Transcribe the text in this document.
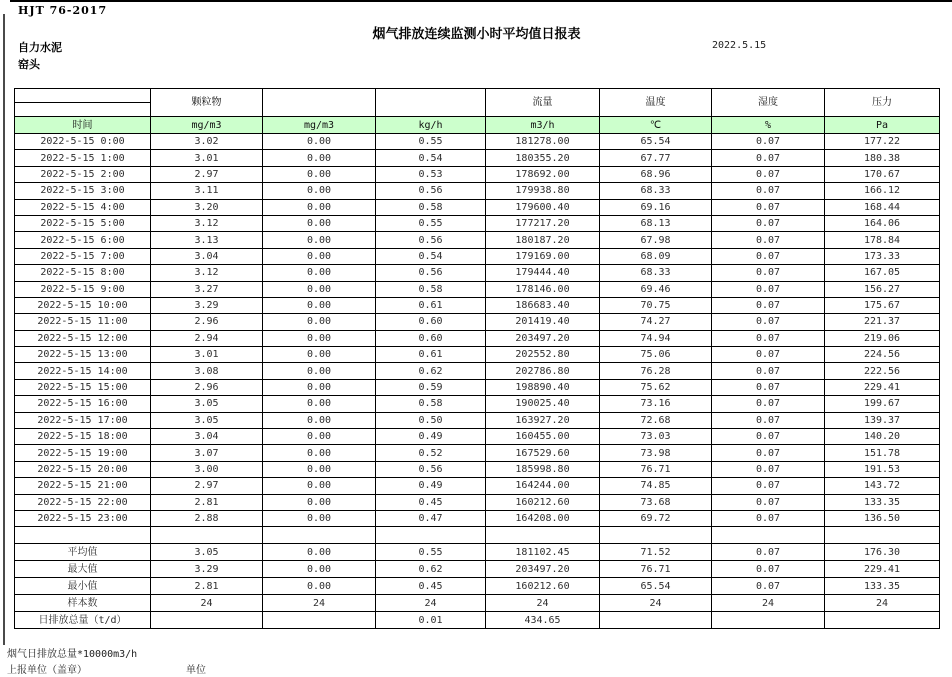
HJT 76-2017
烟气排放连续监测小时平均值日报表
2022.5.15
自力水泥
窑头
	颗粒物			流量	温度	湿度	压力

时间	mg/m3	mg/m3	kg/h	m3/h	℃	%	Pa
2022-5-15 0:00	3.02	0.00	0.55	181278.00	65.54	0.07	177.22
2022-5-15 1:00	3.01	0.00	0.54	180355.20	67.77	0.07	180.38
2022-5-15 2:00	2.97	0.00	0.53	178692.00	68.96	0.07	170.67
2022-5-15 3:00	3.11	0.00	0.56	179938.80	68.33	0.07	166.12
2022-5-15 4:00	3.20	0.00	0.58	179600.40	69.16	0.07	168.44
2022-5-15 5:00	3.12	0.00	0.55	177217.20	68.13	0.07	164.06
2022-5-15 6:00	3.13	0.00	0.56	180187.20	67.98	0.07	178.84
2022-5-15 7:00	3.04	0.00	0.54	179169.00	68.09	0.07	173.33
2022-5-15 8:00	3.12	0.00	0.56	179444.40	68.33	0.07	167.05
2022-5-15 9:00	3.27	0.00	0.58	178146.00	69.46	0.07	156.27
2022-5-15 10:00	3.29	0.00	0.61	186683.40	70.75	0.07	175.67
2022-5-15 11:00	2.96	0.00	0.60	201419.40	74.27	0.07	221.37
2022-5-15 12:00	2.94	0.00	0.60	203497.20	74.94	0.07	219.06
2022-5-15 13:00	3.01	0.00	0.61	202552.80	75.06	0.07	224.56
2022-5-15 14:00	3.08	0.00	0.62	202786.80	76.28	0.07	222.56
2022-5-15 15:00	2.96	0.00	0.59	198890.40	75.62	0.07	229.41
2022-5-15 16:00	3.05	0.00	0.58	190025.40	73.16	0.07	199.67
2022-5-15 17:00	3.05	0.00	0.50	163927.20	72.68	0.07	139.37
2022-5-15 18:00	3.04	0.00	0.49	160455.00	73.03	0.07	140.20
2022-5-15 19:00	3.07	0.00	0.52	167529.60	73.98	0.07	151.78
2022-5-15 20:00	3.00	0.00	0.56	185998.80	76.71	0.07	191.53
2022-5-15 21:00	2.97	0.00	0.49	164244.00	74.85	0.07	143.72
2022-5-15 22:00	2.81	0.00	0.45	160212.60	73.68	0.07	133.35
2022-5-15 23:00	2.88	0.00	0.47	164208.00	69.72	0.07	136.50

平均值	3.05	0.00	0.55	181102.45	71.52	0.07	176.30
最大值	3.29	0.00	0.62	203497.20	76.71	0.07	229.41
最小值	2.81	0.00	0.45	160212.60	65.54	0.07	133.35
样本数	24	24	24	24	24	24	24
日排放总量（t/d）			0.01	434.65			
烟气日排放总量*10000m3/h
上报单位（盖章）	单位
